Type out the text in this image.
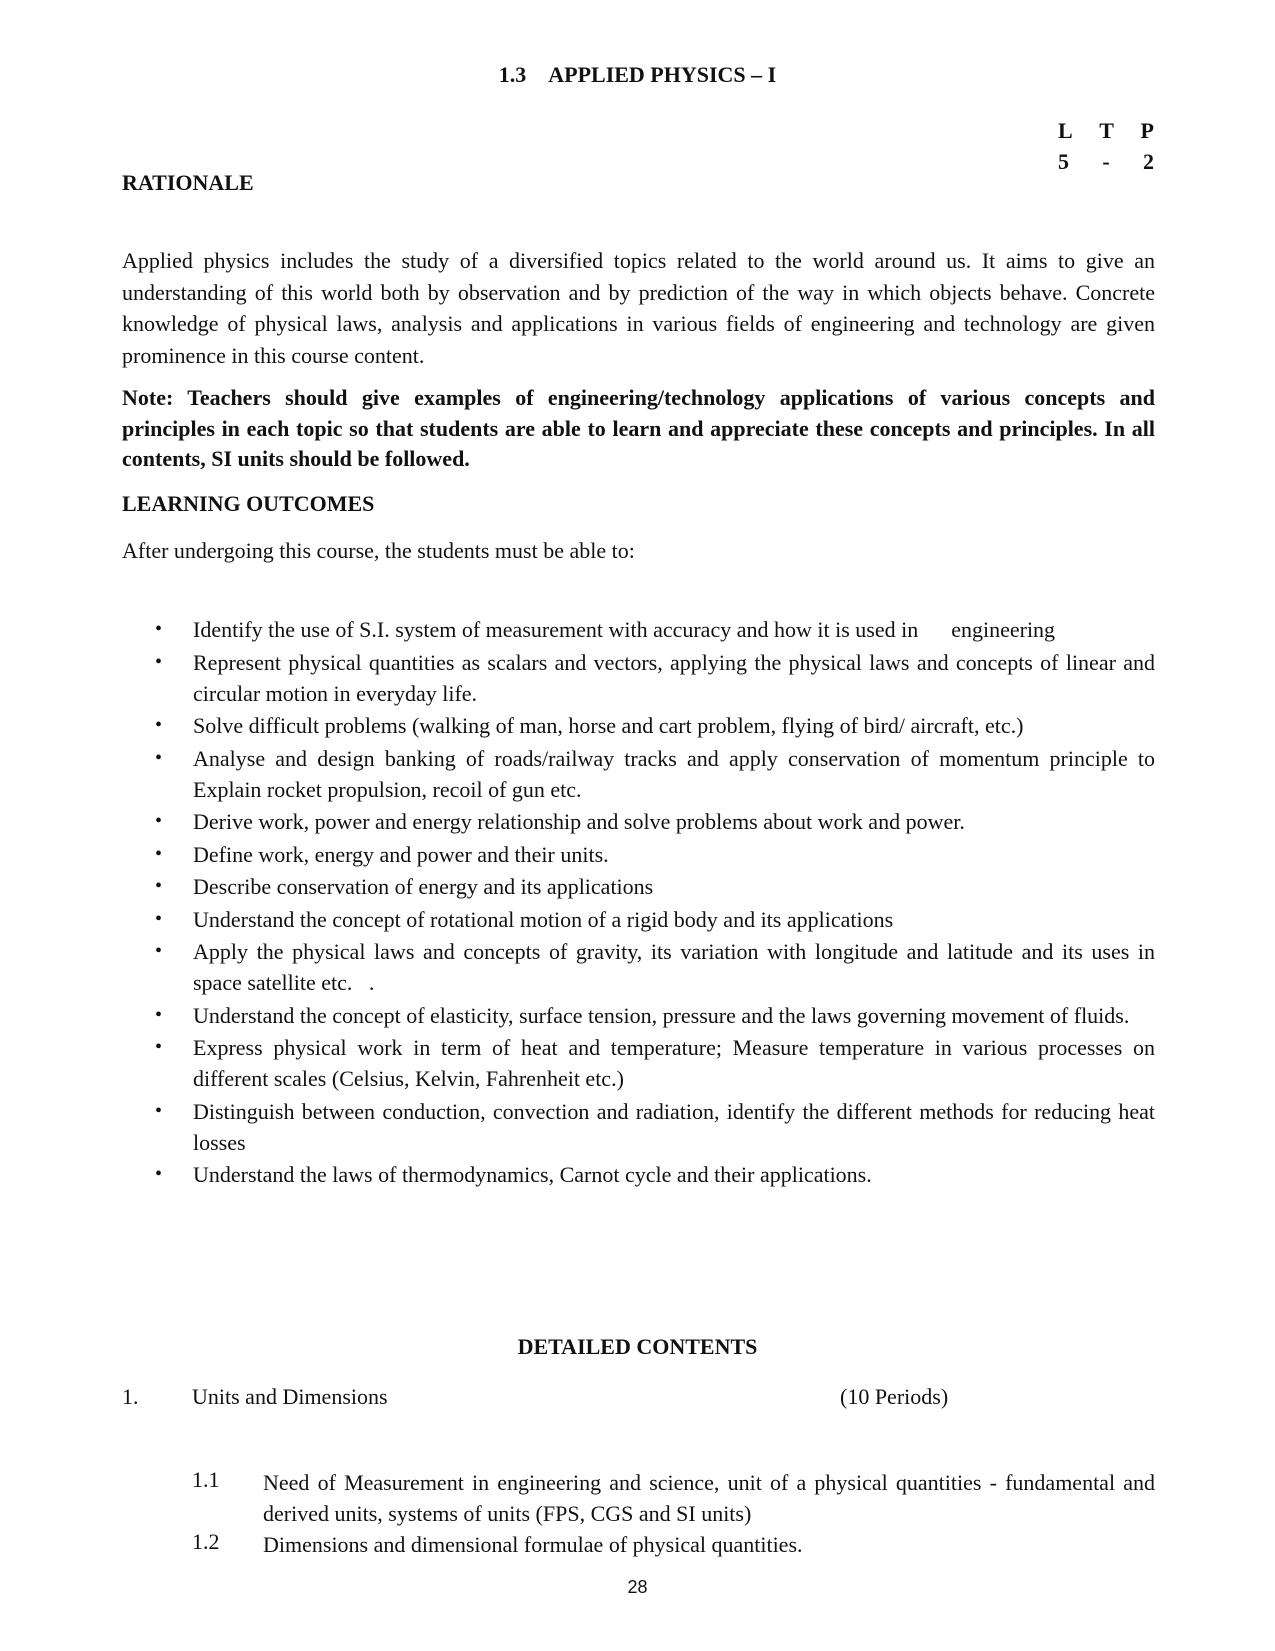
1.3 APPLIED PHYSICS – I
L T P
5 - 2
RATIONALE
Applied physics includes the study of a diversified topics related to the world around us. It aims to give an understanding of this world both by observation and by prediction of the way in which objects behave. Concrete knowledge of physical laws, analysis and applications in various fields of engineering and technology are given prominence in this course content.
Note: Teachers should give examples of engineering/technology applications of various concepts and principles in each topic so that students are able to learn and appreciate these concepts and principles. In all contents, SI units should be followed.
LEARNING OUTCOMES
After undergoing this course, the students must be able to:
• Identify the use of S.I. system of measurement with accuracy and how it is used in      engineering
• Represent physical quantities as scalars and vectors, applying the physical laws and concepts of linear and circular motion in everyday life.
• Solve difficult problems (walking of man, horse and cart problem, flying of bird/ aircraft, etc.)
• Analyse and design banking of roads/railway tracks and apply conservation of momentum principle to Explain rocket propulsion, recoil of gun etc.
• Derive work, power and energy relationship and solve problems about work and power.
• Define work, energy and power and their units.
• Describe conservation of energy and its applications
• Understand the concept of rotational motion of a rigid body and its applications
• Apply the physical laws and concepts of gravity, its variation with longitude and latitude and its uses in space satellite etc.   .
• Understand the concept of elasticity, surface tension, pressure and the laws governing movement of fluids.
• Express physical work in term of heat and temperature; Measure temperature in various processes on different scales (Celsius, Kelvin, Fahrenheit etc.)
• Distinguish between conduction, convection and radiation, identify the different methods for reducing heat losses
• Understand the laws of thermodynamics, Carnot cycle and their applications.
DETAILED CONTENTS
1. Units and Dimensions	(10 Periods)
1.1 Need of Measurement in engineering and science, unit of a physical quantities - fundamental and derived units, systems of units (FPS, CGS and SI units)
1.2 Dimensions and dimensional formulae of physical quantities.
28
